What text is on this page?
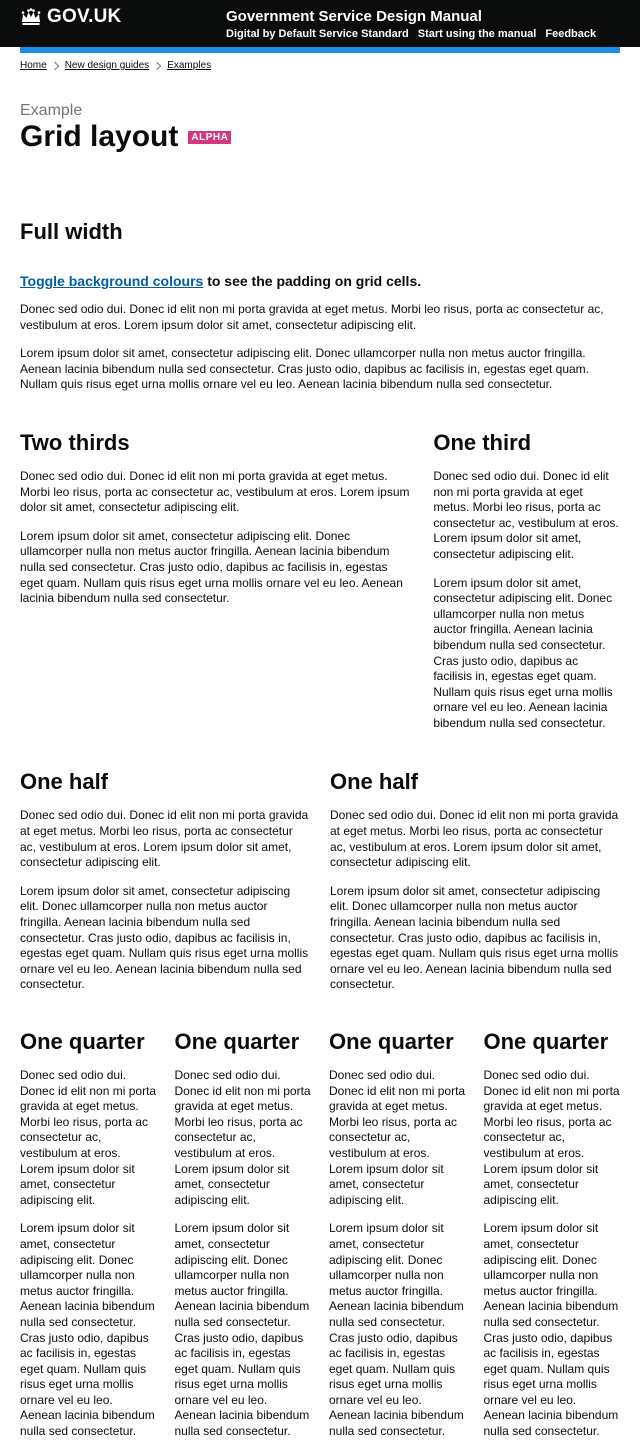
GOV.UK	Government Service Design Manual
Digital by Default Service Standard Start using the manual Feedback
Home New design guides Examples
Example
Grid layout	ALPHA
Full width
Toggle background colours to see the padding on grid cells.

Donec sed odio dui. Donec id elit non mi porta gravida at eget metus. Morbi leo risus, porta ac consectetur ac, vestibulum at eros. Lorem ipsum dolor sit amet, consectetur adipiscing elit.

Lorem ipsum dolor sit amet, consectetur adipiscing elit. Donec ullamcorper nulla non metus auctor fringilla. Aenean lacinia bibendum nulla sed consectetur. Cras justo odio, dapibus ac facilisis in, egestas eget quam. Nullam quis risus eget urna mollis ornare vel eu leo. Aenean lacinia bibendum nulla sed consectetur.

Two thirds

Donec sed odio dui. Donec id elit non mi porta gravida at eget metus. Morbi leo risus, porta ac consectetur ac, vestibulum at eros. Lorem ipsum dolor sit amet, consectetur adipiscing elit.

Lorem ipsum dolor sit amet, consectetur adipiscing elit. Donec ullamcorper nulla non metus auctor fringilla. Aenean lacinia bibendum nulla sed consectetur. Cras justo odio, dapibus ac facilisis in, egestas eget quam. Nullam quis risus eget urna mollis ornare vel eu leo. Aenean lacinia bibendum nulla sed consectetur.

One third

Donec sed odio dui. Donec id elit non mi porta gravida at eget metus. Morbi leo risus, porta ac consectetur ac, vestibulum at eros. Lorem ipsum dolor sit amet, consectetur adipiscing elit.

Lorem ipsum dolor sit amet, consectetur adipiscing elit. Donec ullamcorper nulla non metus auctor fringilla. Aenean lacinia bibendum nulla sed consectetur. Cras justo odio, dapibus ac facilisis in, egestas eget quam. Nullam quis risus eget urna mollis ornare vel eu leo. Aenean lacinia bibendum nulla sed consectetur.

One half

Donec sed odio dui. Donec id elit non mi porta gravida at eget metus. Morbi leo risus, porta ac consectetur ac, vestibulum at eros. Lorem ipsum dolor sit amet, consectetur adipiscing elit.

Lorem ipsum dolor sit amet, consectetur adipiscing elit. Donec ullamcorper nulla non metus auctor fringilla. Aenean lacinia bibendum nulla sed consectetur. Cras justo odio, dapibus ac facilisis in, egestas eget quam. Nullam quis risus eget urna mollis ornare vel eu leo. Aenean lacinia bibendum nulla sed consectetur.

One half

Donec sed odio dui. Donec id elit non mi porta gravida at eget metus. Morbi leo risus, porta ac consectetur ac, vestibulum at eros. Lorem ipsum dolor sit amet, consectetur adipiscing elit.

Lorem ipsum dolor sit amet, consectetur adipiscing elit. Donec ullamcorper nulla non metus auctor fringilla. Aenean lacinia bibendum nulla sed consectetur. Cras justo odio, dapibus ac facilisis in, egestas eget quam. Nullam quis risus eget urna mollis ornare vel eu leo. Aenean lacinia bibendum nulla sed consectetur.

One quarter

Donec sed odio dui. Donec id elit non mi porta gravida at eget metus. Morbi leo risus, porta ac consectetur ac, vestibulum at eros. Lorem ipsum dolor sit amet, consectetur adipiscing elit.

Lorem ipsum dolor sit amet, consectetur adipiscing elit. Donec ullamcorper nulla non metus auctor fringilla. Aenean lacinia bibendum nulla sed consectetur. Cras justo odio, dapibus ac facilisis in, egestas eget quam. Nullam quis risus eget urna mollis ornare vel eu leo. Aenean lacinia bibendum nulla sed consectetur.

One quarter

Donec sed odio dui. Donec id elit non mi porta gravida at eget metus. Morbi leo risus, porta ac consectetur ac, vestibulum at eros. Lorem ipsum dolor sit amet, consectetur adipiscing elit.

Lorem ipsum dolor sit amet, consectetur adipiscing elit. Donec ullamcorper nulla non metus auctor fringilla. Aenean lacinia bibendum nulla sed consectetur. Cras justo odio, dapibus ac facilisis in, egestas eget quam. Nullam quis risus eget urna mollis ornare vel eu leo. Aenean lacinia bibendum nulla sed consectetur.

One quarter

Donec sed odio dui. Donec id elit non mi porta gravida at eget metus. Morbi leo risus, porta ac consectetur ac, vestibulum at eros. Lorem ipsum dolor sit amet, consectetur adipiscing elit.

Lorem ipsum dolor sit amet, consectetur adipiscing elit. Donec ullamcorper nulla non metus auctor fringilla. Aenean lacinia bibendum nulla sed consectetur. Cras justo odio, dapibus ac facilisis in, egestas eget quam. Nullam quis risus eget urna mollis ornare vel eu leo. Aenean lacinia bibendum nulla sed consectetur.

One quarter

Donec sed odio dui. Donec id elit non mi porta gravida at eget metus. Morbi leo risus, porta ac consectetur ac, vestibulum at eros. Lorem ipsum dolor sit amet, consectetur adipiscing elit.

Lorem ipsum dolor sit amet, consectetur adipiscing elit. Donec ullamcorper nulla non metus auctor fringilla. Aenean lacinia bibendum nulla sed consectetur. Cras justo odio, dapibus ac facilisis in, egestas eget quam. Nullam quis risus eget urna mollis ornare vel eu leo. Aenean lacinia bibendum nulla sed consectetur.
